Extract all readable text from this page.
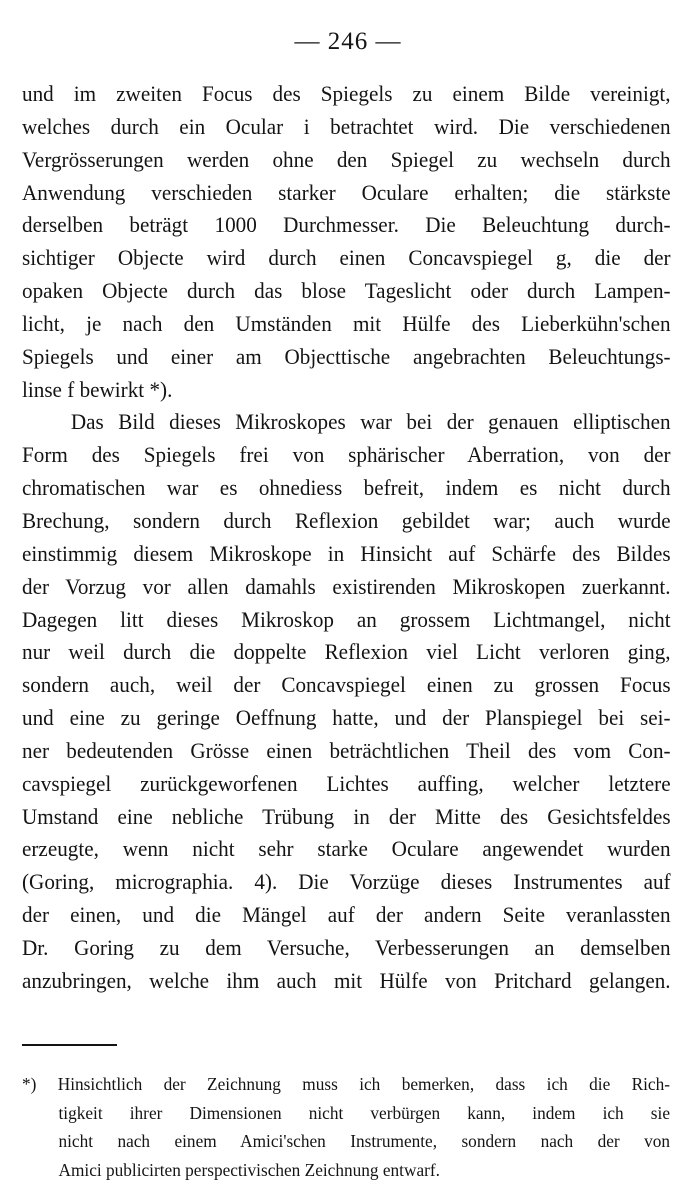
— 246 —
und im zweiten Focus des Spiegels zu einem Bilde vereinigt,
welches durch ein Ocular i betrachtet wird. Die verschiedenen
Vergrösserungen werden ohne den Spiegel zu wechseln durch
Anwendung verschieden starker Oculare erhalten; die stärkste
derselben beträgt 1000 Durchmesser. Die Beleuchtung durch-
sichtiger Objecte wird durch einen Concavspiegel g, die der
opaken Objecte durch das blose Tageslicht oder durch Lampen-
licht, je nach den Umständen mit Hülfe des Lieberkühn'schen
Spiegels und einer am Objecttische angebrachten Beleuchtungs-
linse f bewirkt *).
Das Bild dieses Mikroskopes war bei der genauen elliptischen
Form des Spiegels frei von sphärischer Aberration, von der
chromatischen war es ohnediess befreit, indem es nicht durch
Brechung, sondern durch Reflexion gebildet war; auch wurde
einstimmig diesem Mikroskope in Hinsicht auf Schärfe des Bildes
der Vorzug vor allen damahls existirenden Mikroskopen zuerkannt.
Dagegen litt dieses Mikroskop an grossem Lichtmangel, nicht
nur weil durch die doppelte Reflexion viel Licht verloren ging,
sondern auch, weil der Concavspiegel einen zu grossen Focus
und eine zu geringe Oeffnung hatte, und der Planspiegel bei sei-
ner bedeutenden Grösse einen beträchtlichen Theil des vom Con-
cavspiegel zurückgeworfenen Lichtes auffing, welcher letztere
Umstand eine nebliche Trübung in der Mitte des Gesichtsfeldes
erzeugte, wenn nicht sehr starke Oculare angewendet wurden
(Goring, micrographia. 4). Die Vorzüge dieses Instrumentes auf
der einen, und die Mängel auf der andern Seite veranlassten
Dr. Goring zu dem Versuche, Verbesserungen an demselben
anzubringen, welche ihm auch mit Hülfe von Pritchard gelangen.
*) Hinsichtlich der Zeichnung muss ich bemerken, dass ich die Rich-
tigkeit ihrer Dimensionen nicht verbürgen kann, indem ich sie
nicht nach einem Amici'schen Instrumente, sondern nach der von
Amici publicirten perspectivischen Zeichnung entwarf.
